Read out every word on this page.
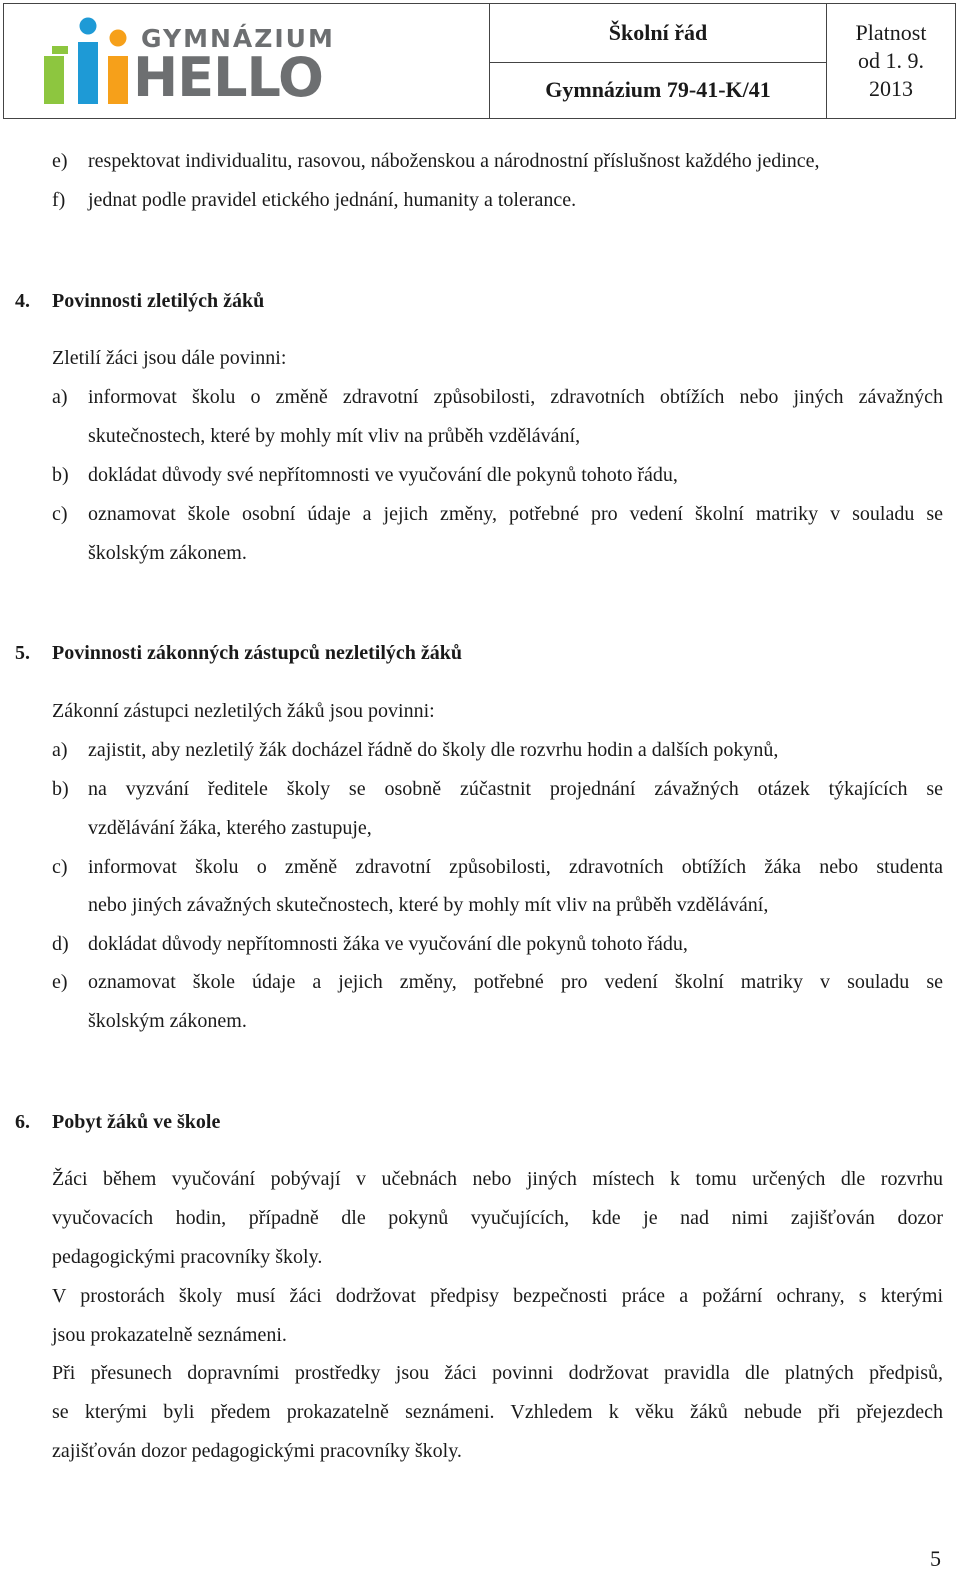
GYMNÁZIUM
HELLO
Školní řád
Gymnázium 79-41-K/41
Platnost
od 1. 9.
2013
e) respektovat individualitu, rasovou, náboženskou a národnostní příslušnost každého jedince,
f) jednat podle pravidel etického jednání, humanity a tolerance.
4. Povinnosti zletilých žáků
Zletilí žáci jsou dále povinni:
a) informovat školu o změně zdravotní způsobilosti, zdravotních obtížích nebo jiných závažných
skutečnostech, které by mohly mít vliv na průběh vzdělávání,
b) dokládat důvody své nepřítomnosti ve vyučování dle pokynů tohoto řádu,
c) oznamovat škole osobní údaje a jejich změny, potřebné pro vedení školní matriky v souladu se
školským zákonem.
5. Povinnosti zákonných zástupců nezletilých žáků
Zákonní zástupci nezletilých žáků jsou povinni:
a) zajistit, aby nezletilý žák docházel řádně do školy dle rozvrhu hodin a dalších pokynů,
b) na vyzvání ředitele školy se osobně zúčastnit projednání závažných otázek týkajících se
vzdělávání žáka, kterého zastupuje,
c) informovat školu o změně zdravotní způsobilosti, zdravotních obtížích žáka nebo studenta
nebo jiných závažných skutečnostech, které by mohly mít vliv na průběh vzdělávání,
d) dokládat důvody nepřítomnosti žáka ve vyučování dle pokynů tohoto řádu,
e) oznamovat škole údaje a jejich změny, potřebné pro vedení školní matriky v souladu se
školským zákonem.
6. Pobyt žáků ve škole
Žáci během vyučování pobývají v učebnách nebo jiných místech k tomu určených dle rozvrhu
vyučovacích hodin, případně dle pokynů vyučujících, kde je nad nimi zajišťován dozor
pedagogickými pracovníky školy.
V prostorách školy musí žáci dodržovat předpisy bezpečnosti práce a požární ochrany, s kterými
jsou prokazatelně seznámeni.
Při přesunech dopravními prostředky jsou žáci povinni dodržovat pravidla dle platných předpisů,
se kterými byli předem prokazatelně seznámeni. Vzhledem k věku žáků nebude při přejezdech
zajišťován dozor pedagogickými pracovníky školy.
5
